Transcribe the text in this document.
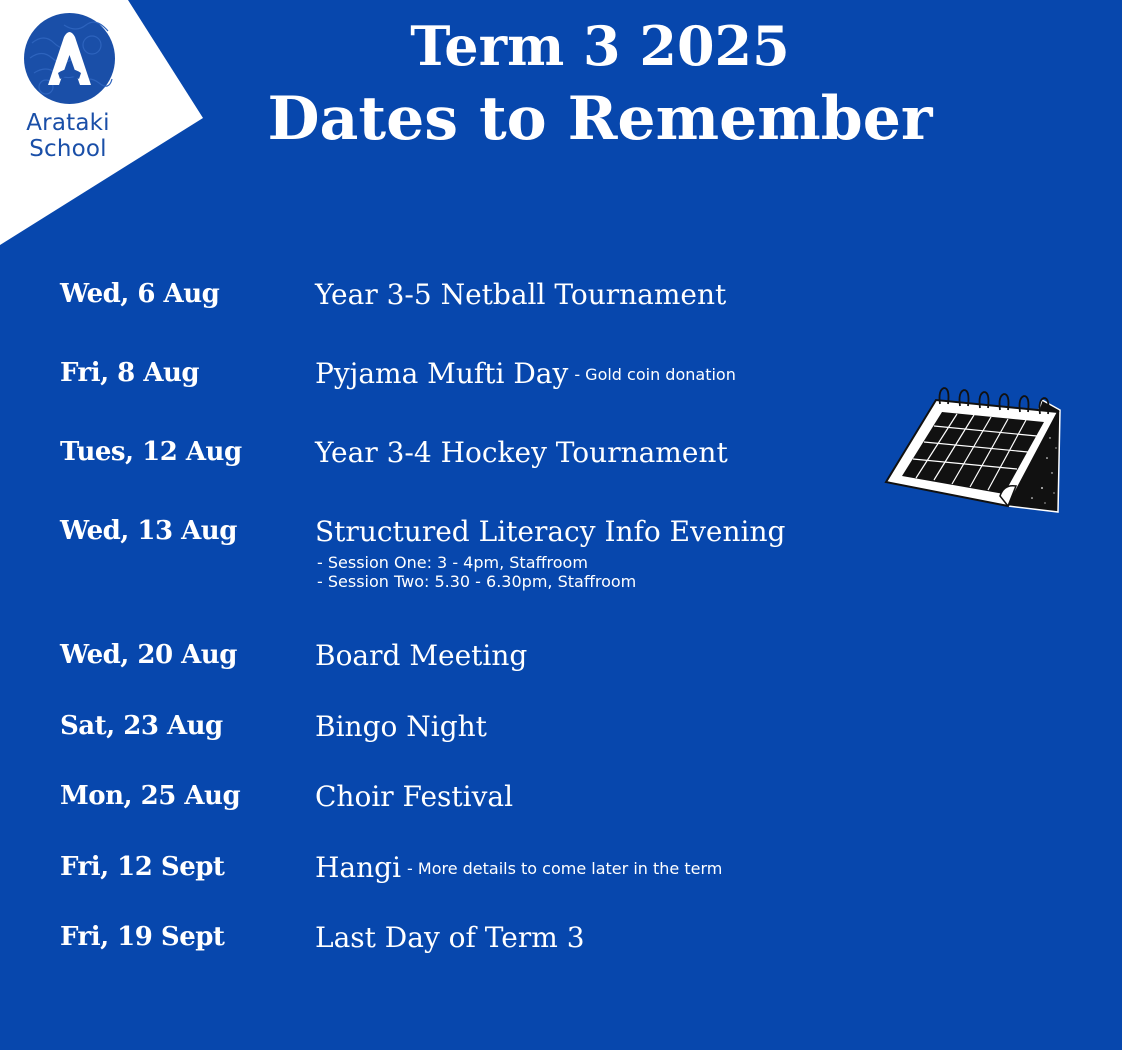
Arataki
School
Term 3 2025
Dates to Remember
Wed, 6 Aug	Year 3-5 Netball Tournament
Fri, 8 Aug	Pyjama Mufti Day - Gold coin donation
Tues, 12 Aug	Year 3-4 Hockey Tournament
Wed, 13 Aug	Structured Literacy Info Evening
- Session One: 3 - 4pm, Staffroom
- Session Two: 5.30 - 6.30pm, Staffroom
Wed, 20 Aug	Board Meeting
Sat, 23 Aug	Bingo Night
Mon, 25 Aug	Choir Festival
Fri, 12 Sept	Hangi - More details to come later in the term
Fri, 19 Sept	Last Day of Term 3
